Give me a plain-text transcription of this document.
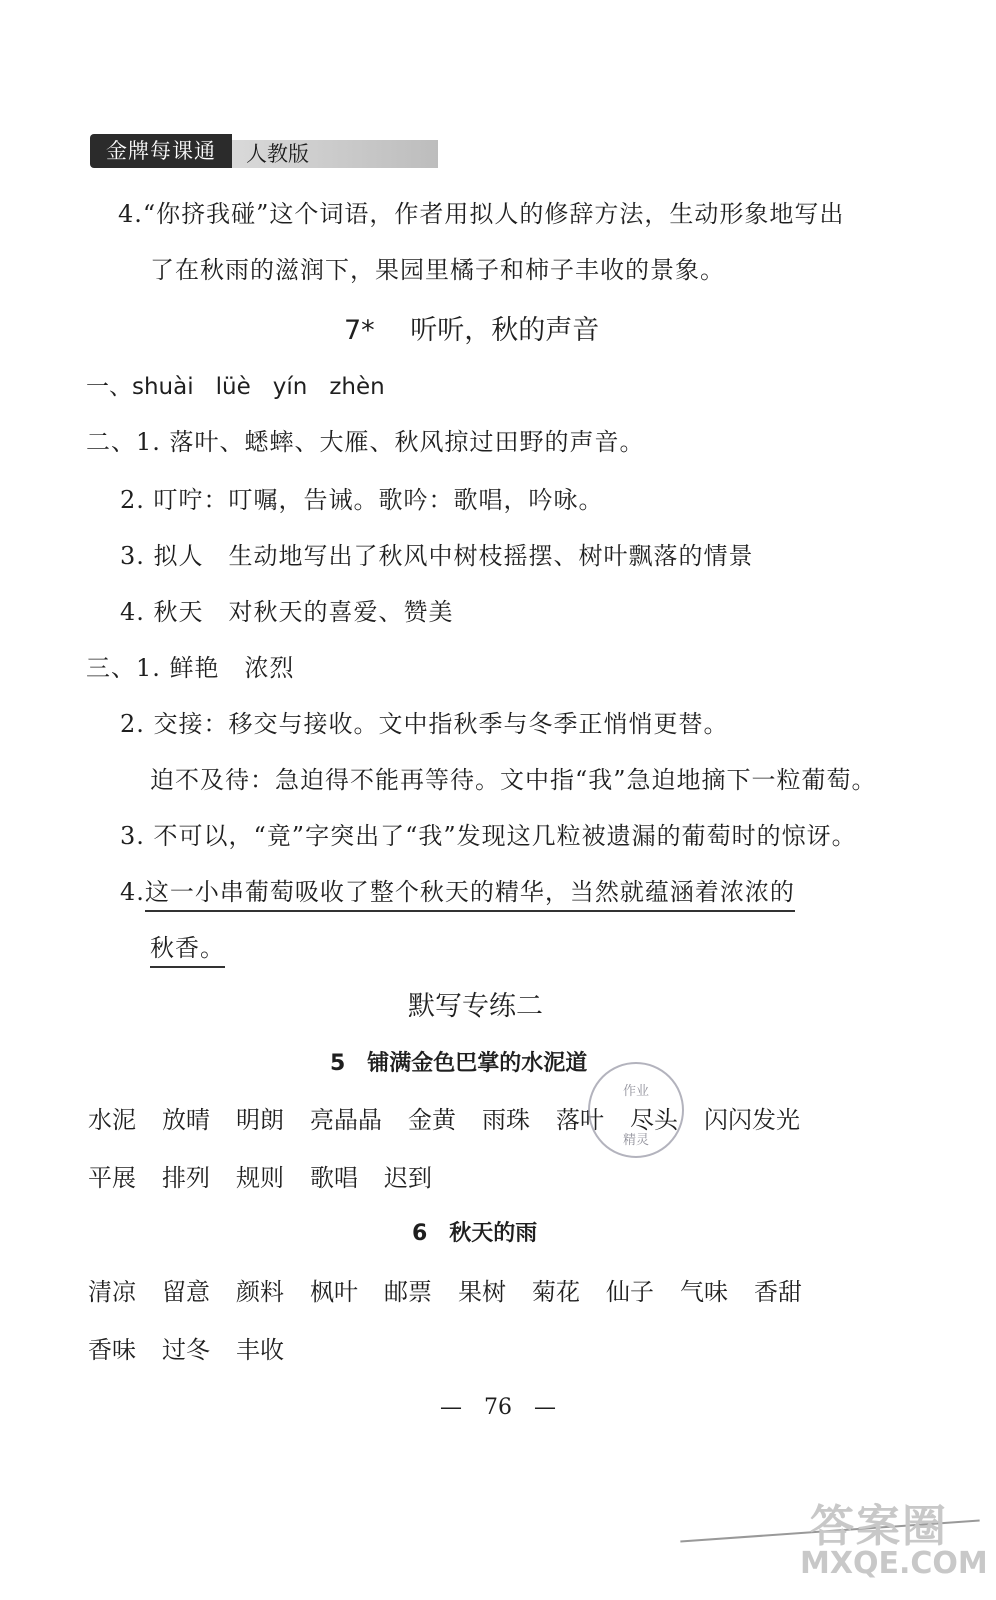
金牌每课通	人教版
4.“你挤我碰”这个词语，作者用拟人的修辞方法，生动形象地写出
了在秋雨的滋润下，果园里橘子和柿子丰收的景象。
7*　 听听，秋的声音
一、shuài lüè yín zhèn
二、1. 落叶、蟋蟀、大雁、秋风掠过田野的声音。
2. 叮咛：叮嘱，告诫。歌吟：歌唱，吟咏。
3. 拟人　生动地写出了秋风中树枝摇摆、树叶飘落的情景
4. 秋天　对秋天的喜爱、赞美
三、1. 鲜艳　浓烈
2. 交接：移交与接收。文中指秋季与冬季正悄悄更替。
迫不及待：急迫得不能再等待。文中指“我”急迫地摘下一粒葡萄。
3. 不可以，“竟”字突出了“我”发现这几粒被遗漏的葡萄时的惊讶。
4.这一小串葡萄吸收了整个秋天的精华，当然就蕴涵着浓浓的
秋香。
默写专练二
5　铺满金色巴掌的水泥道
水泥 放晴 明朗 亮晶晶 金黄 雨珠 落叶 尽头 闪闪发光
平展 排列 规则 歌唱 迟到
6　秋天的雨
清凉 留意 颜料 枫叶 邮票 果树 菊花 仙子 气味 香甜
香味 过冬 丰收
作业
精灵
—　76　—
答案圈
MXQE.COM
